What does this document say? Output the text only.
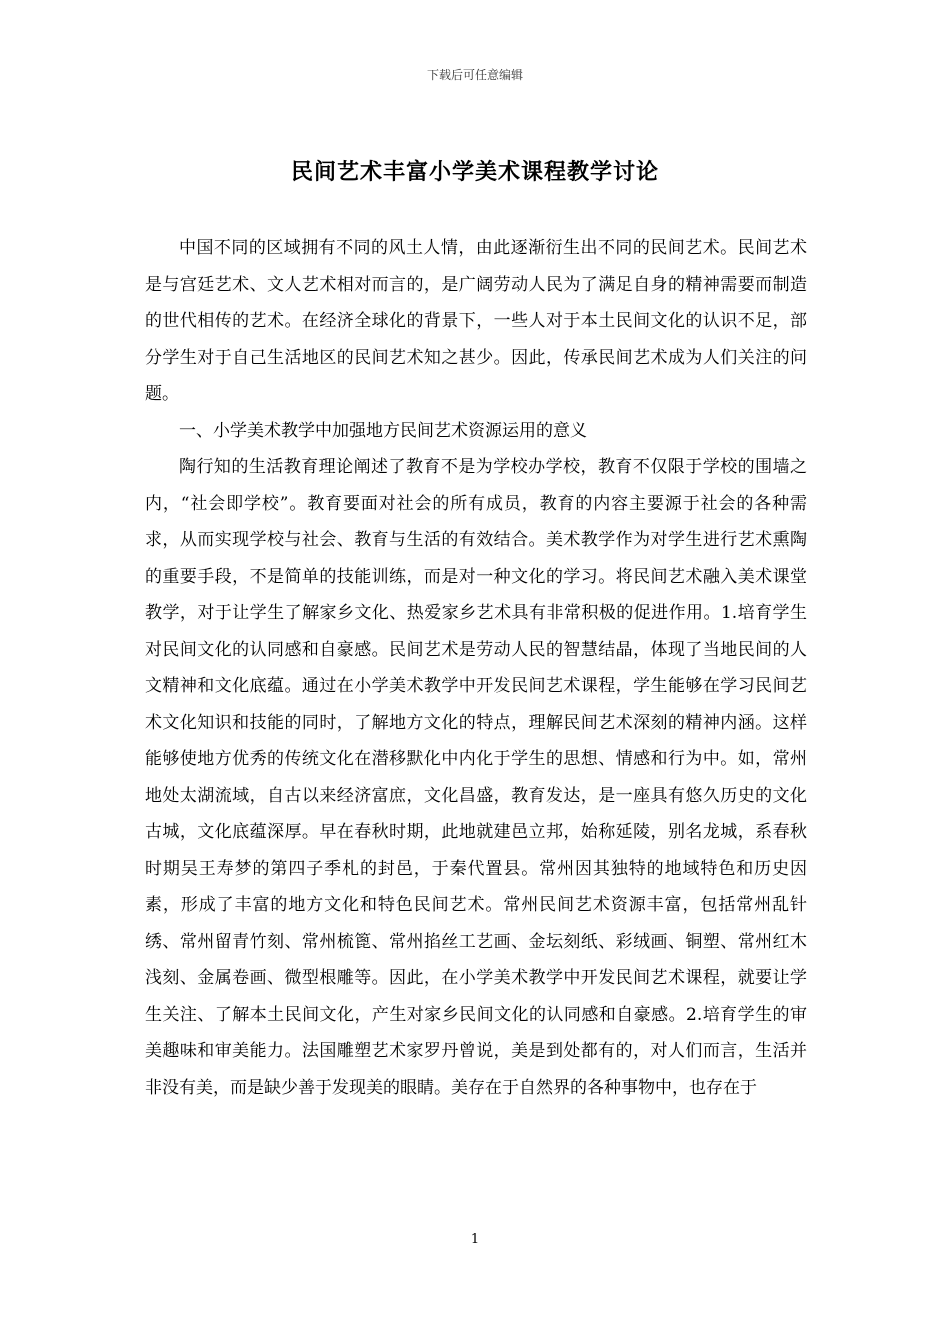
下载后可任意编辑
民间艺术丰富小学美术课程教学讨论

中国不同的区域拥有不同的风土人情，由此逐渐衍生出不同的民间艺术。民间艺术是与宫廷艺术、文人艺术相对而言的，是广阔劳动人民为了满足自身的精神需要而制造的世代相传的艺术。在经济全球化的背景下，一些人对于本土民间文化的认识不足，部分学生对于自己生活地区的民间艺术知之甚少。因此，传承民间艺术成为人们关注的问题。

一、小学美术教学中加强地方民间艺术资源运用的意义

陶行知的生活教育理论阐述了教育不是为学校办学校，教育不仅限于学校的围墙之内，“社会即学校”。教育要面对社会的所有成员，教育的内容主要源于社会的各种需求，从而实现学校与社会、教育与生活的有效结合。美术教学作为对学生进行艺术熏陶的重要手段，不是简单的技能训练，而是对一种文化的学习。将民间艺术融入美术课堂教学，对于让学生了解家乡文化、热爱家乡艺术具有非常积极的促进作用。1.培育学生对民间文化的认同感和自豪感。民间艺术是劳动人民的智慧结晶，体现了当地民间的人文精神和文化底蕴。通过在小学美术教学中开发民间艺术课程，学生能够在学习民间艺术文化知识和技能的同时，了解地方文化的特点，理解民间艺术深刻的精神内涵。这样能够使地方优秀的传统文化在潜移默化中内化于学生的思想、情感和行为中。如，常州地处太湖流域，自古以来经济富庶，文化昌盛，教育发达，是一座具有悠久历史的文化古城，文化底蕴深厚。早在春秋时期，此地就建邑立邦，始称延陵，别名龙城，系春秋时期吴王寿梦的第四子季札的封邑，于秦代置县。常州因其独特的地域特色和历史因素，形成了丰富的地方文化和特色民间艺术。常州民间艺术资源丰富，包括常州乱针绣、常州留青竹刻、常州梳篦、常州掐丝工艺画、金坛刻纸、彩绒画、铜塑、常州红木浅刻、金属卷画、微型根雕等。因此，在小学美术教学中开发民间艺术课程，就要让学生关注、了解本土民间文化，产生对家乡民间文化的认同感和自豪感。2.培育学生的审美趣味和审美能力。法国雕塑艺术家罗丹曾说，美是到处都有的，对人们而言，生活并非没有美，而是缺少善于发现美的眼睛。美存在于自然界的各种事物中，也存在于

1
